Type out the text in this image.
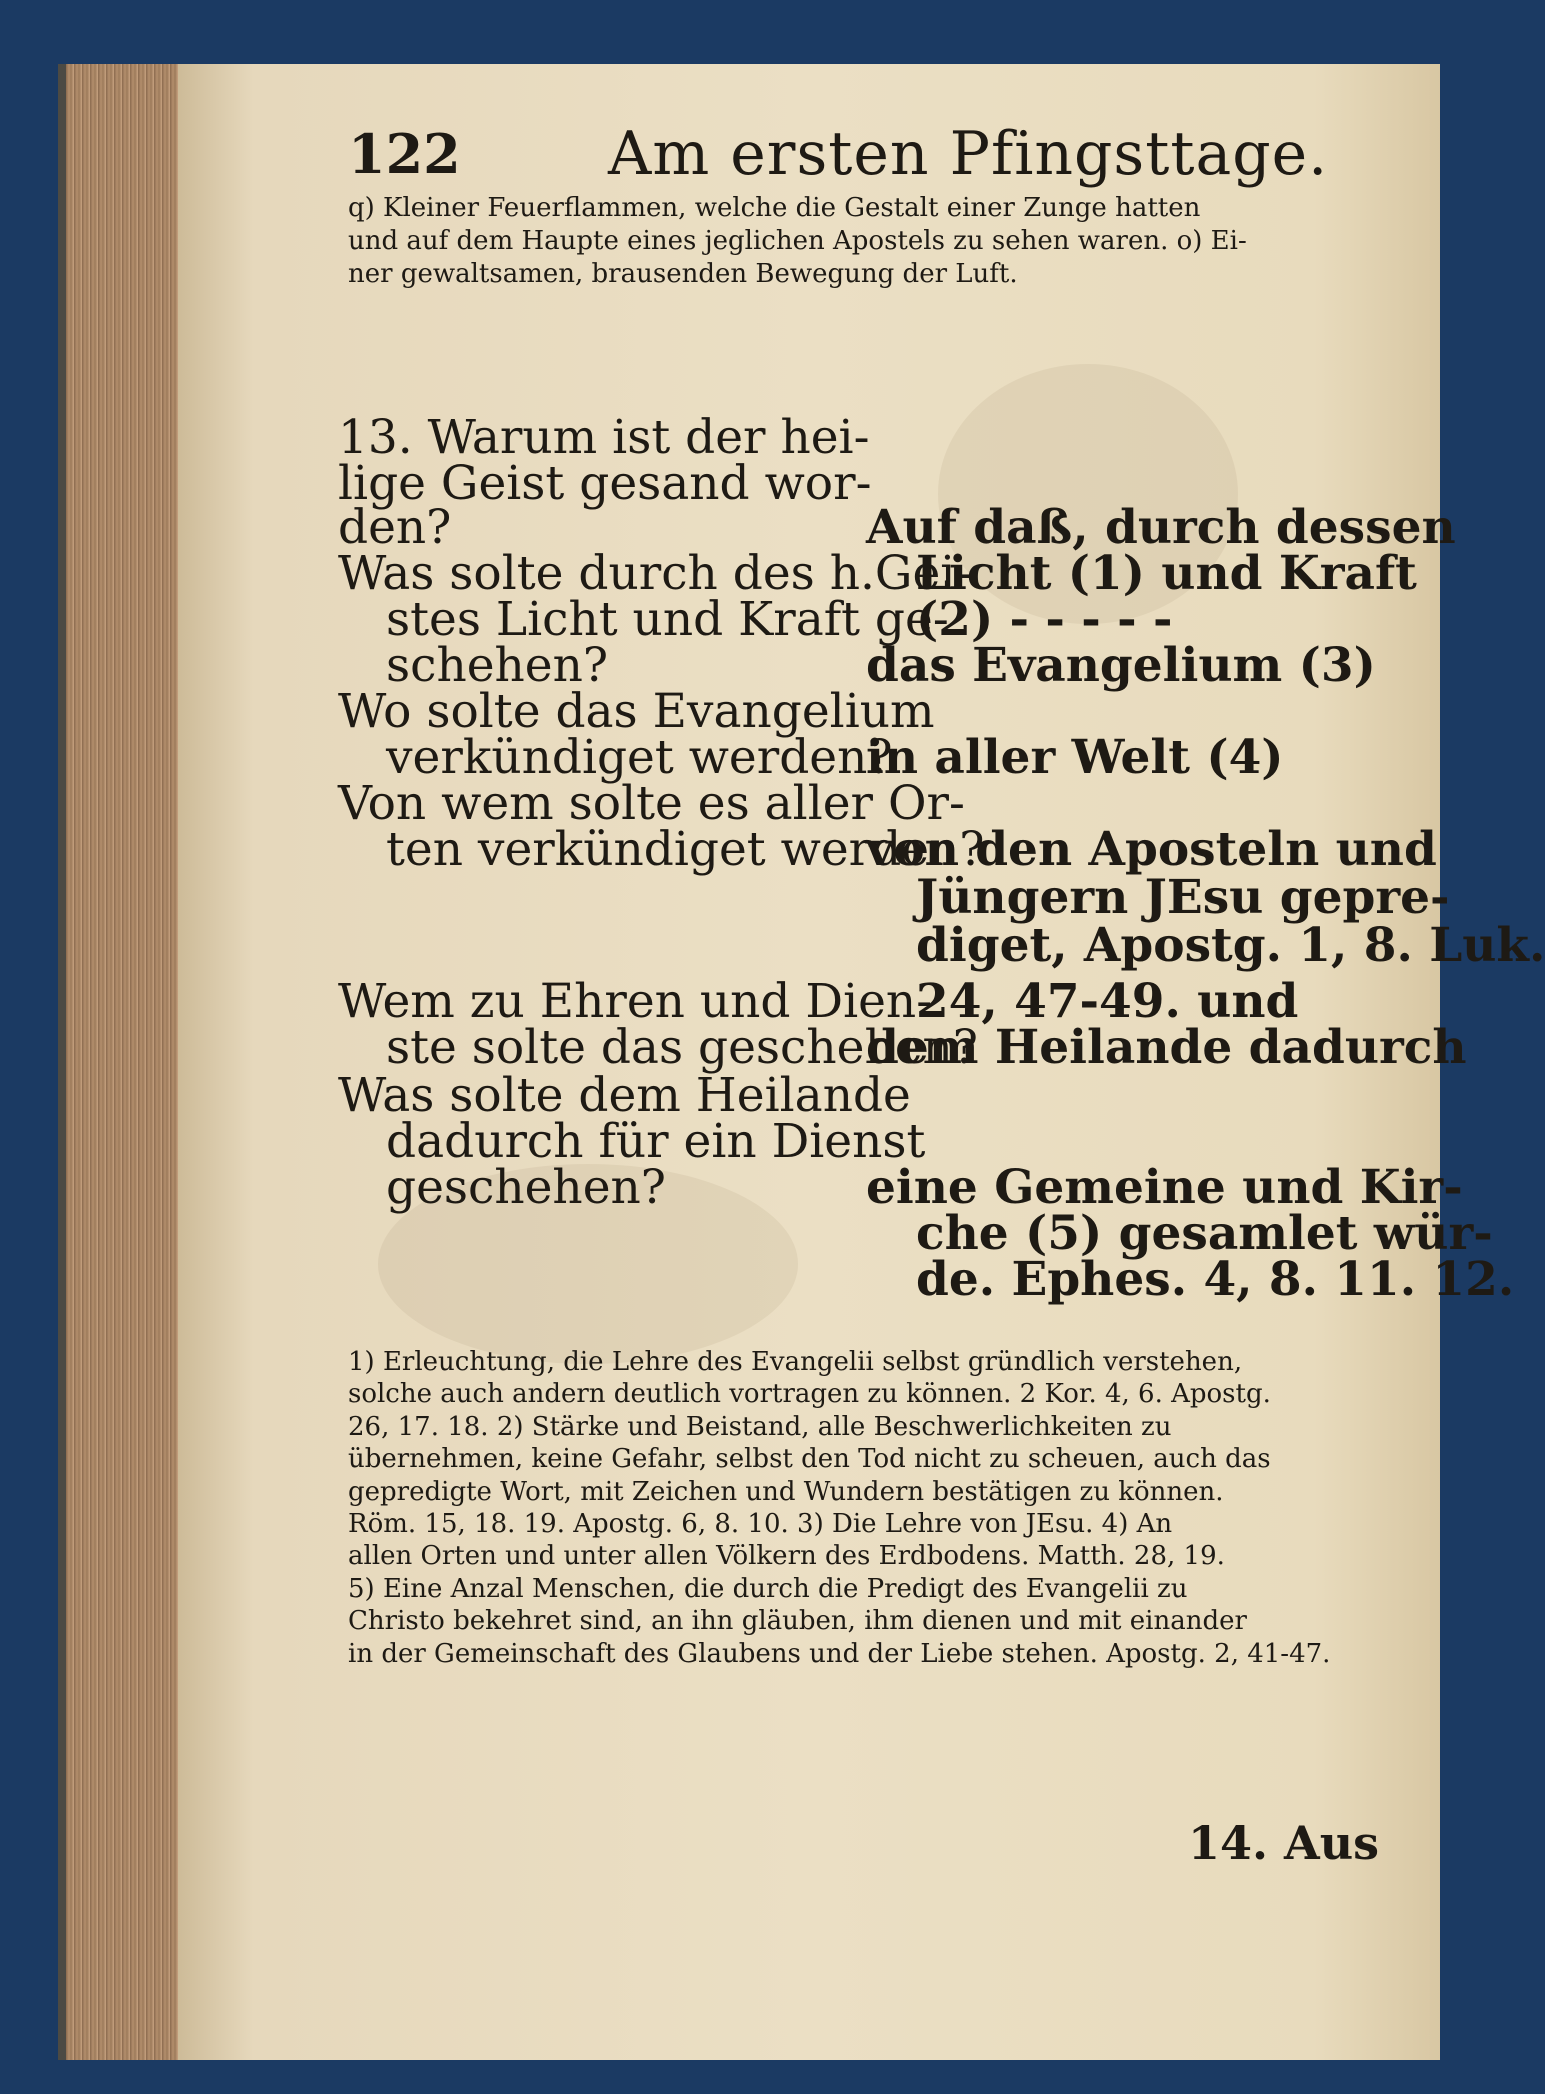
122 Am ersten Pfingsttage.
q) Kleiner Feuerflammen, welche die Gestalt einer Zunge hatten
und auf dem Haupte eines jeglichen Apostels zu sehen waren. o) Ei-
ner gewaltsamen, brausenden Bewegung der Luft.
13. Warum ist der hei-
lige Geist gesand wor-
den?
Was solte durch des h.Gei-
stes Licht und Kraft ge-
schehen?
Wo solte das Evangelium
verkündiget werden?
Von wem solte es aller Or-
ten verkündiget werden?
Wem zu Ehren und Dien-
ste solte das geschehen?
Was solte dem Heilande
dadurch für ein Dienst
geschehen?
Auf daß, durch dessen
Licht (1) und Kraft
(2) - - - - -
das Evangelium (3)
in aller Welt (4)
von den Aposteln und
Jüngern JEsu gepre-
diget, Apostg. 1, 8. Luk.
24, 47-49. und
dem Heilande dadurch
eine Gemeine und Kir-
che (5) gesamlet wür-
de. Ephes. 4, 8. 11. 12.
1) Erleuchtung, die Lehre des Evangelii selbst gründlich verstehen,
solche auch andern deutlich vortragen zu können. 2 Kor. 4, 6. Apostg.
26, 17. 18. 2) Stärke und Beistand, alle Beschwerlichkeiten zu
übernehmen, keine Gefahr, selbst den Tod nicht zu scheuen, auch das
gepredigte Wort, mit Zeichen und Wundern bestätigen zu können.
Röm. 15, 18. 19. Apostg. 6, 8. 10. 3) Die Lehre von JEsu. 4) An
allen Orten und unter allen Völkern des Erdbodens. Matth. 28, 19.
5) Eine Anzal Menschen, die durch die Predigt des Evangelii zu
Christo bekehret sind, an ihn gläuben, ihm dienen und mit einander
in der Gemeinschaft des Glaubens und der Liebe stehen. Apostg. 2, 41-47.
14. Aus
